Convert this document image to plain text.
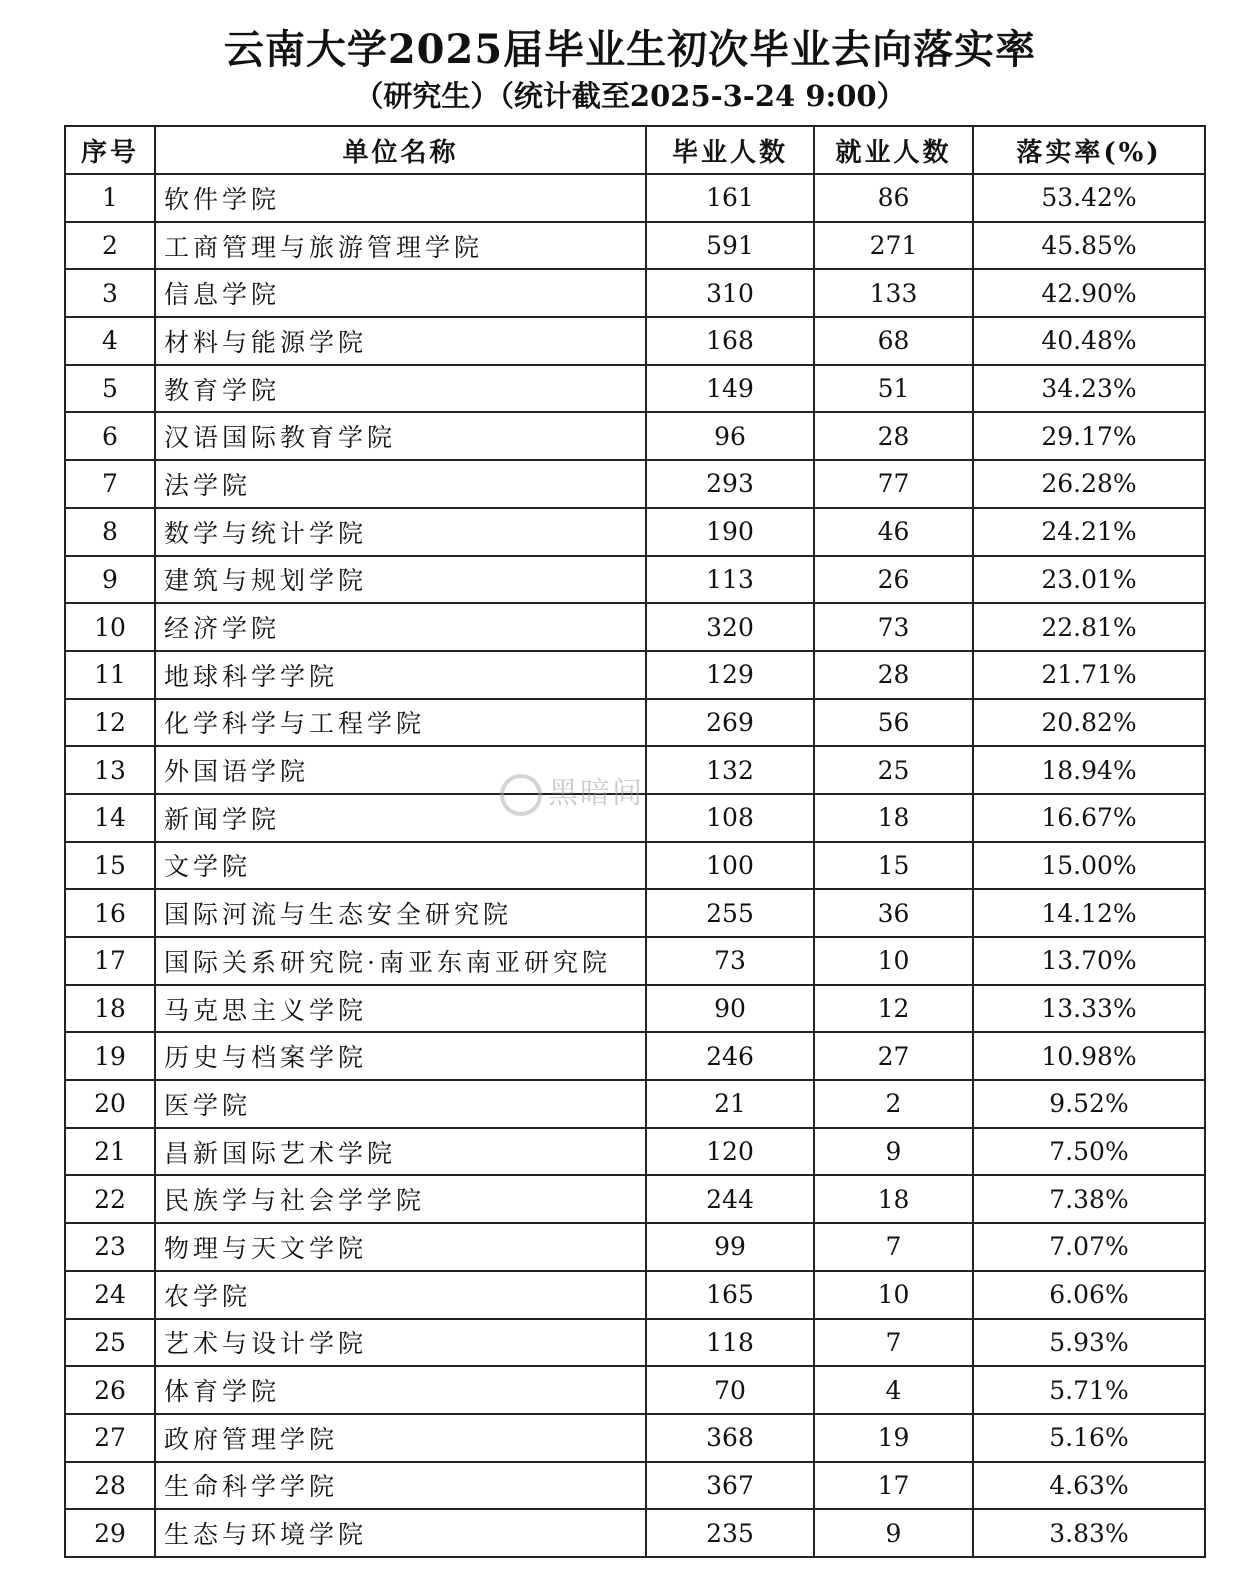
云南大学2025届毕业生初次毕业去向落实率
（研究生）（统计截至2025-3-24 9:00）
序号	单位名称	毕业人数	就业人数	落实率(%)
1	软件学院	161	86	53.42%
2	工商管理与旅游管理学院	591	271	45.85%
3	信息学院	310	133	42.90%
4	材料与能源学院	168	68	40.48%
5	教育学院	149	51	34.23%
6	汉语国际教育学院	96	28	29.17%
7	法学院	293	77	26.28%
8	数学与统计学院	190	46	24.21%
9	建筑与规划学院	113	26	23.01%
10	经济学院	320	73	22.81%
11	地球科学学院	129	28	21.71%
12	化学科学与工程学院	269	56	20.82%
13	外国语学院	132	25	18.94%
14	新闻学院	108	18	16.67%
15	文学院	100	15	15.00%
16	国际河流与生态安全研究院	255	36	14.12%
17	国际关系研究院·南亚东南亚研究院	73	10	13.70%
18	马克思主义学院	90	12	13.33%
19	历史与档案学院	246	27	10.98%
20	医学院	21	2	9.52%
21	昌新国际艺术学院	120	9	7.50%
22	民族学与社会学学院	244	18	7.38%
23	物理与天文学院	99	7	7.07%
24	农学院	165	10	6.06%
25	艺术与设计学院	118	7	5.93%
26	体育学院	70	4	5.71%
27	政府管理学院	368	19	5.16%
28	生命科学学院	367	17	4.63%
29	生态与环境学院	235	9	3.83%
黑暗间
